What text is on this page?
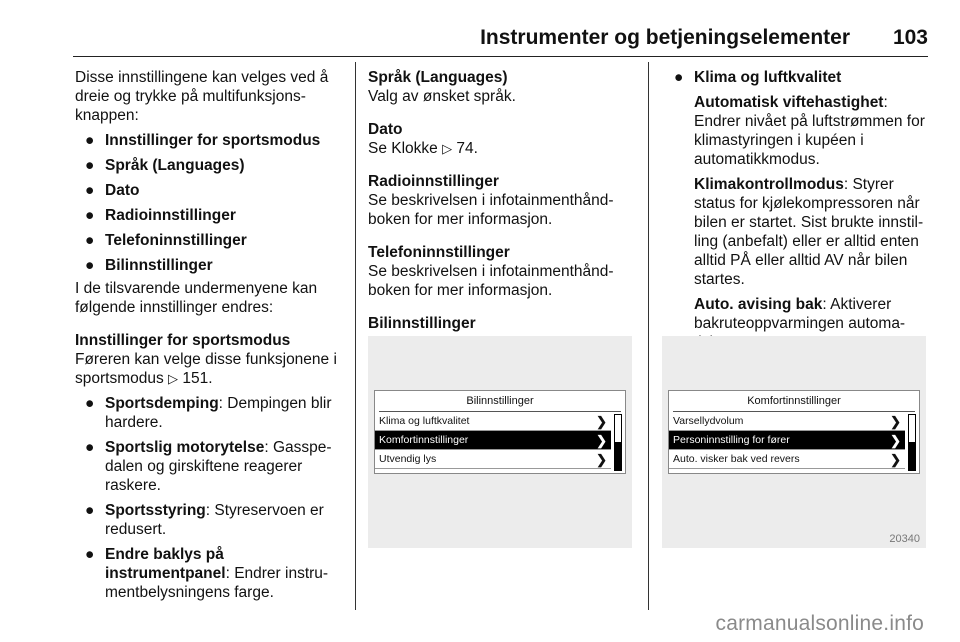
Instrumenter og betjeningselementer 103

Disse innstillingene kan velges ved å dreie og trykke på multifunksjons-knappen:

● Innstillinger for sportsmodus
● Språk (Languages)
● Dato
● Radioinnstillinger
● Telefoninnstillinger
● Bilinnstillinger

I de tilsvarende undermenyene kan følgende innstillinger endres:

Innstillinger for sportsmodus

Føreren kan velge disse funksjonene i sportsmodus ▷ 151.

● Sportsdemping: Dempingen blir hardere.
● Sportslig motorytelse: Gasspe-dalen og girskiftene reagerer raskere.
● Sportsstyring: Styreservoen er redusert.
● Endre baklys på instrumentpanel: Endrer instru-mentbelysningens farge.

Språk (Languages)

Valg av ønsket språk.

Dato

Se Klokke ▷ 74.

Radioinnstillinger

Se beskrivelsen i infotainmenthånd-boken for mer informasjon.

Telefoninnstillinger

Se beskrivelsen i infotainmenthånd-boken for mer informasjon.

Bilinnstillinger

● Klima og luftkvalitet

Automatisk viftehastighet: Endrer nivået på luftstrømmen for klimastyringen i kupéen i automatikkmodus.

Klimakontrollmodus: Styrer status for kjølekompressoren når bilen er startet. Sist brukte innstil-ling (anbefalt) eller er alltid enten alltid PÅ eller alltid AV når bilen startes.

Auto. avising bak: Aktiverer bakruteoppvarmingen automa-

Bilinnstillinger
Klima og luftkvalitet	❯
Komfortinnstillinger	❯
Utvendig lys	❯
Komfortinnstillinger
Varsellydvolum	❯
Personinnstilling for fører	❯
Auto. visker bak ved revers	❯
20340
carmanualsonline.info
